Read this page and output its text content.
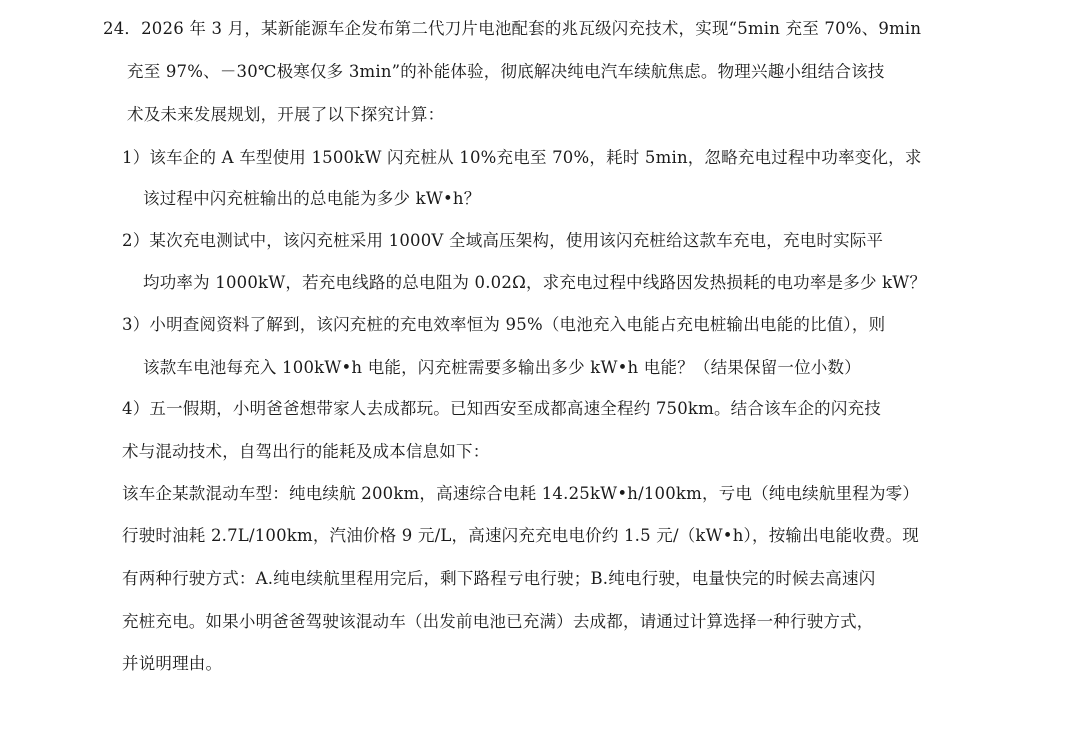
24．2026 年 3 月，某新能源车企发布第二代刀片电池配套的兆瓦级闪充技术，实现“5min 充至 70%、9min
充至 97%、－30℃极寒仅多 3min”的补能体验，彻底解决纯电汽车续航焦虑。物理兴趣小组结合该技
术及未来发展规划，开展了以下探究计算：
1）该车企的 A 车型使用 1500kW 闪充桩从 10%充电至 70%，耗时 5min，忽略充电过程中功率变化，求
该过程中闪充桩输出的总电能为多少 kW•h？
2）某次充电测试中，该闪充桩采用 1000V 全域高压架构，使用该闪充桩给这款车充电，充电时实际平
均功率为 1000kW，若充电线路的总电阻为 0.02Ω，求充电过程中线路因发热损耗的电功率是多少 kW？
3）小明查阅资料了解到，该闪充桩的充电效率恒为 95%（电池充入电能占充电桩输出电能的比值），则
该款车电池每充入 100kW•h 电能，闪充桩需要多输出多少 kW•h 电能？（结果保留一位小数）
4）五一假期，小明爸爸想带家人去成都玩。已知西安至成都高速全程约 750km。结合该车企的闪充技
术与混动技术，自驾出行的能耗及成本信息如下：
该车企某款混动车型：纯电续航 200km，高速综合电耗 14.25kW•h/100km，亏电（纯电续航里程为零）
行驶时油耗 2.7L/100km，汽油价格 9 元/L，高速闪充充电电价约 1.5 元/（kW•h），按输出电能收费。现
有两种行驶方式：A.纯电续航里程用完后，剩下路程亏电行驶；B.纯电行驶，电量快完的时候去高速闪
充桩充电。如果小明爸爸驾驶该混动车（出发前电池已充满）去成都，请通过计算选择一种行驶方式，
并说明理由。
